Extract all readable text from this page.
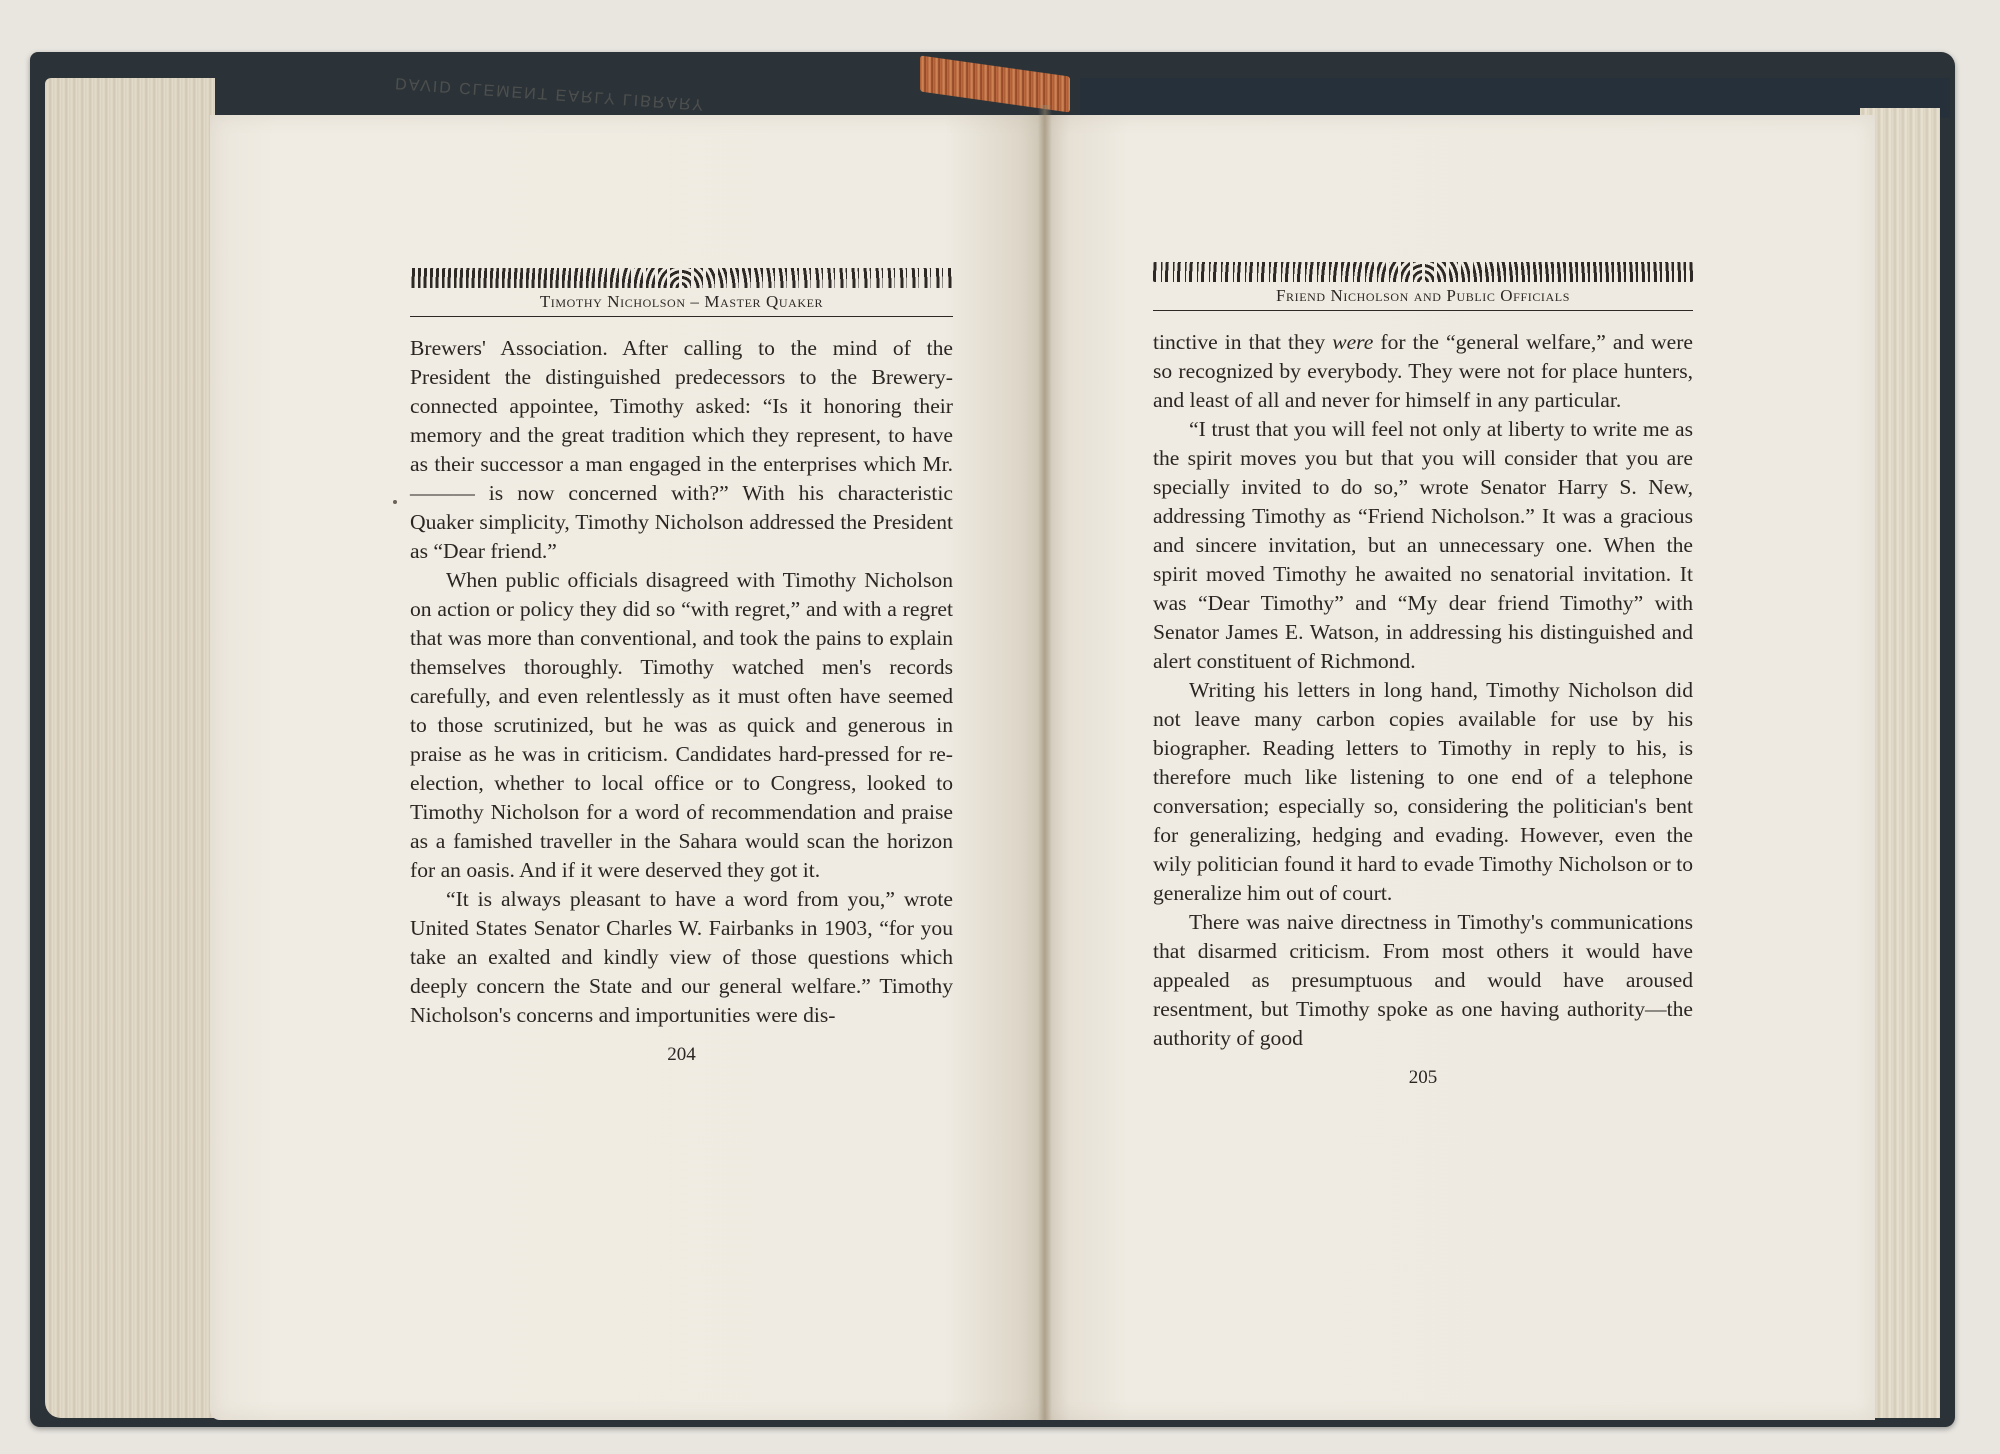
Timothy Nicholson – Master Quaker

Brewers' Association. After calling to the mind of the President the distinguished predecessors to the Brewery-connected appointee, Timothy asked: “Is it honoring their memory and the great tradition which they represent, to have as their successor a man engaged in the enterprises which Mr. ——— is now concerned with?” With his characteristic Quaker simplicity, Timothy Nicholson addressed the President as “Dear friend.”

When public officials disagreed with Timothy Nicholson on action or policy they did so “with regret,” and with a regret that was more than conventional, and took the pains to explain themselves thoroughly. Timothy watched men's records carefully, and even relentlessly as it must often have seemed to those scrutinized, but he was as quick and generous in praise as he was in criticism. Candidates hard-pressed for re-election, whether to local office or to Congress, looked to Timothy Nicholson for a word of recommendation and praise as a famished traveller in the Sahara would scan the horizon for an oasis. And if it were deserved they got it.

“It is always pleasant to have a word from you,” wrote United States Senator Charles W. Fairbanks in 1903, “for you take an exalted and kindly view of those questions which deeply concern the State and our general welfare.” Timothy Nicholson's concerns and importunities were dis-

204
Friend Nicholson and Public Officials

tinctive in that they were for the “general welfare,” and were so recognized by everybody. They were not for place hunters, and least of all and never for himself in any particular.

“I trust that you will feel not only at liberty to write me as the spirit moves you but that you will consider that you are specially invited to do so,” wrote Senator Harry S. New, addressing Timothy as “Friend Nicholson.” It was a gracious and sincere invitation, but an unnecessary one. When the spirit moved Timothy he awaited no senatorial invitation. It was “Dear Timothy” and “My dear friend Timothy” with Senator James E. Watson, in addressing his distinguished and alert constituent of Richmond.

Writing his letters in long hand, Timothy Nicholson did not leave many carbon copies available for use by his biographer. Reading letters to Timothy in reply to his, is therefore much like listening to one end of a telephone conversation; especially so, considering the politician's bent for generalizing, hedging and evading. However, even the wily politician found it hard to evade Timothy Nicholson or to generalize him out of court.

There was naive directness in Timothy's communications that disarmed criticism. From most others it would have appealed as presumptuous and would have aroused resentment, but Timothy spoke as one having authority—the authority of good

205
DAVID CLEMENT EARLY LIBRARY
